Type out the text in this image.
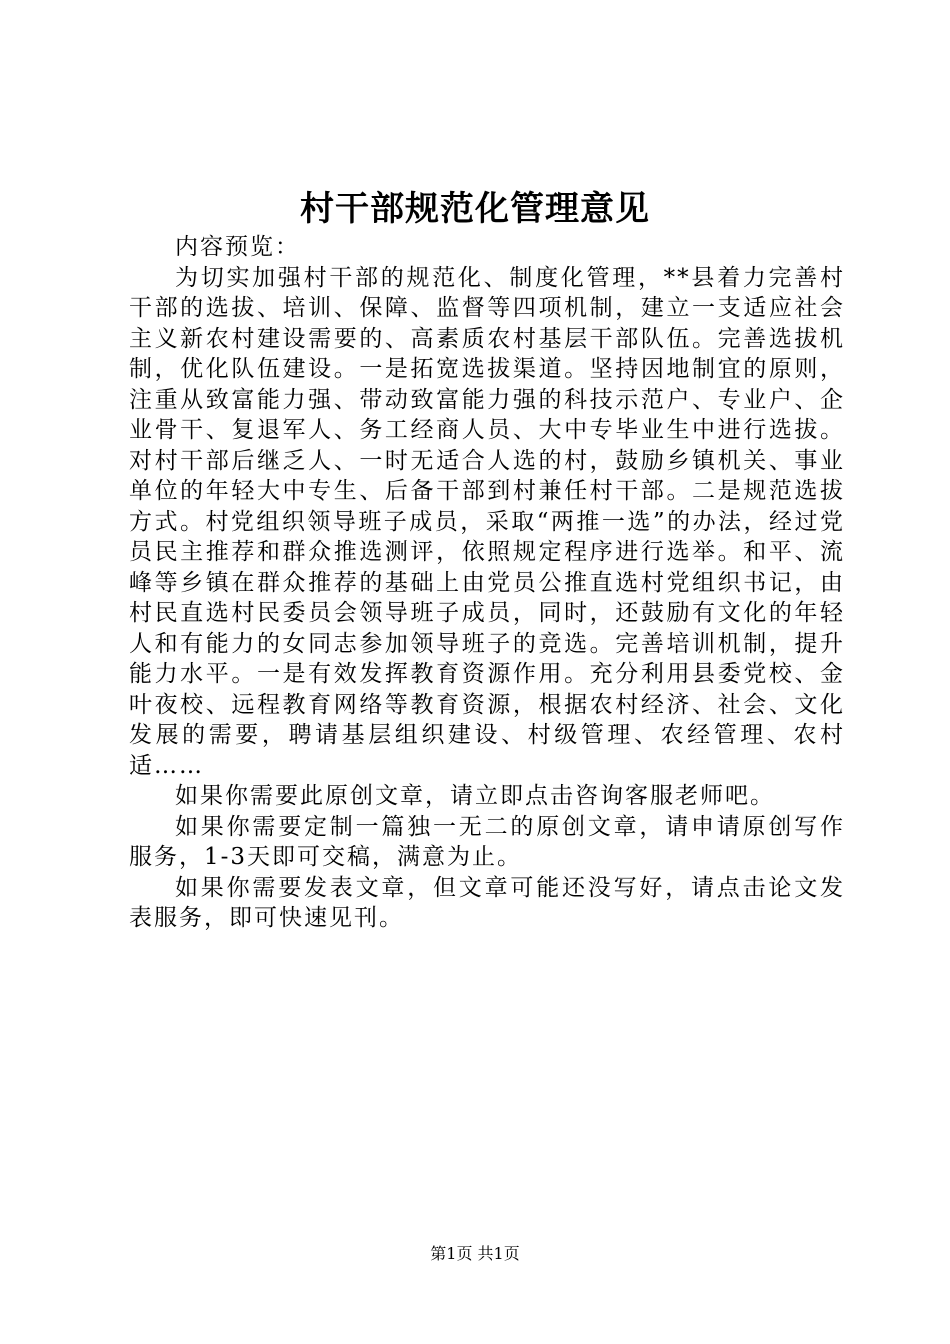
村干部规范化管理意见

内容预览：

为切实加强村干部的规范化、制度化管理，**县着力完善村干部的选拔、培训、保障、监督等四项机制，建立一支适应社会主义新农村建设需要的、高素质农村基层干部队伍。完善选拔机制，优化队伍建设。一是拓宽选拔渠道。坚持因地制宜的原则，注重从致富能力强、带动致富能力强的科技示范户、专业户、企业骨干、复退军人、务工经商人员、大中专毕业生中进行选拔。对村干部后继乏人、一时无适合人选的村，鼓励乡镇机关、事业单位的年轻大中专生、后备干部到村兼任村干部。二是规范选拔方式。村党组织领导班子成员，采取“两推一选”的办法，经过党员民主推荐和群众推选测评，依照规定程序进行选举。和平、流峰等乡镇在群众推荐的基础上由党员公推直选村党组织书记，由村民直选村民委员会领导班子成员，同时，还鼓励有文化的年轻人和有能力的女同志参加领导班子的竞选。完善培训机制，提升能力水平。一是有效发挥教育资源作用。充分利用县委党校、金叶夜校、远程教育网络等教育资源，根据农村经济、社会、文化发展的需要，聘请基层组织建设、村级管理、农经管理、农村适……

如果你需要此原创文章，请立即点击咨询客服老师吧。

如果你需要定制一篇独一无二的原创文章，请申请原创写作服务，1-3天即可交稿，满意为止。

如果你需要发表文章，但文章可能还没写好，请点击论文发表服务，即可快速见刊。

第1页 共1页
